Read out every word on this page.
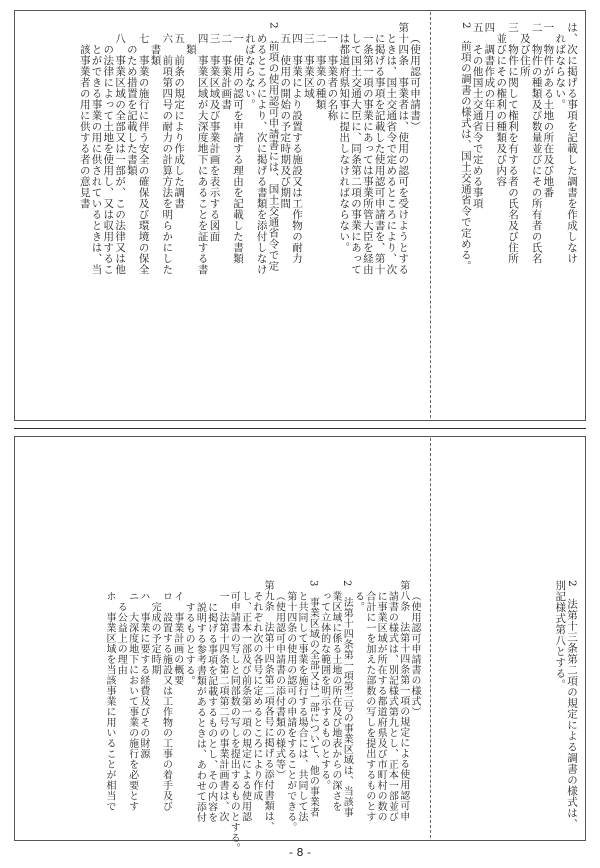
は、次に掲げる事項を記載した調書を作成しなけ
ればならない。
一　物件がある土地の所在及び地番
二　物件の種類及び数量並びにその所有者の氏名
　及び住所
三　物件に関して権利を有する者の氏名及び住所
　並びにその権利の種類及び内容
四　調書作成の年月日
五　その他国土交通省令で定める事項
2　前項の調書の様式は、国土交通省令で定める。
（使用認可申請書）
第十四条　事業者は、使用の認可を受けようとする
ときは、国土交通省令で定めるところにより、次
に掲げる事項を記載した使用認可申請書を、第十
一条第一項の事業にあっては事業所管大臣を経由
して国土交通大臣に、同条第二項の事業にあって
は都道府県知事に提出しなければならない。
一　事業者の名称
二　事業の種類
三　事業区域
四　事業により設置する施設又は工作物の耐力
五　使用の開始の予定時期及び期間
2　前項の使用認可申請書には、国土交通省令で定
めるところにより、次に掲げる書類を添付しなけ
ればならない。
一　使用の認可を申請する理由を記載した書類
二　事業計画書
三　事業区域及び事業計画を表示する図面
四　事業区域が大深度地下にあることを証する書
　類
五　前条の規定により作成した調書
六　前項第四号の耐力の計算方法を明らかにした
　書類
七　事業の施行に伴う安全の確保及び環境の保全
　のため措置を記載した書類
八　事業区域の全部又は一部が、この法律又は他
　の法律によって土地を使用し、又は収用するこ
　とができる事業の用に供されているときは、当
　該事業者の用に供する者の意見書
2　法第十三条第二項の規定による調書の様式は、
別記様式第八とする。
（使用認可申請書の様式）
第八条　法第十四条第一項の規定による使用認可申
請書の様式は、別記様式第九とし、正本一部並び
に事業区域が所在する都道府県及び市町村の数の
合計に一を加えた部数の写しを提出するものとす
る。
2　法第十四条第一項第三号の事業区域は、当該事
業区域に係る土地の所在及び地表からの深さを
って立体的な範囲を明示するものとする。
3　事業区域の全部又は一部について、他の事業者
と共同して事業を施行する場合には、共同して法
第十四条の使用の認可の申請をすることができる。
（使用認可申請書の添付書類の様式等）
第九条　法第十四条第二項各号に掲げる添付書類は、
それぞれ次の各号に定めるところにより作成
し、正本一部及び前条第一項の規定による使用認
可申請書の写しと同部数の写しを提出するものとする。
一　法第十四条第二項第二号の事業計画書は、次
に掲げる事項を記載するものとし、その内容を
説明する参考書類があるときは、あわせて添付
するものとする。
イ　事業計画の概要
ロ　設置する施設又は工作物の工事の着手及び
　完成の予定時期
ハ　事業に要する経費及びその財源
ニ　大深度地下において事業の施行を必要とす
　る公益上の理由
ホ　事業区域を当該事業に用いることが相当で
- 8 -
